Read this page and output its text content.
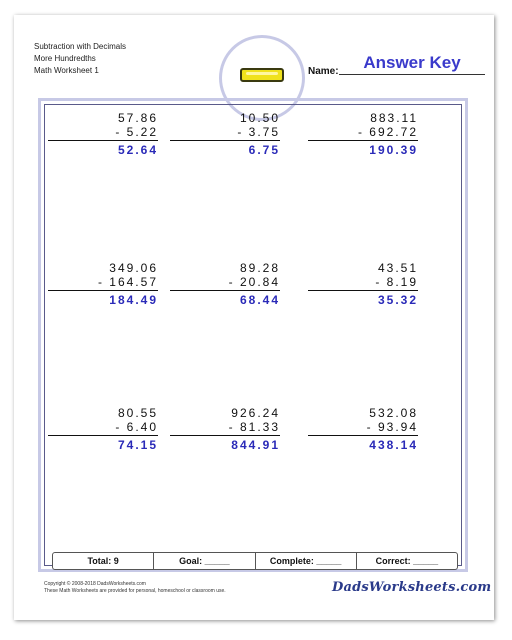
Subtraction with Decimals
More Hundredths
Math Worksheet 1	Answer Key
Name:
57.86
- 5.22
52.64
10.50
- 3.75
6.75
883.11
- 692.72
190.39
349.06
- 164.57
184.49
89.28
- 20.84
68.44
43.51
- 8.19
35.32
80.55
- 6.40
74.15
926.24
- 81.33
844.91
532.08
- 93.94
438.14
Total: 9	Goal: _____	Complete: _____	Correct: _____
Copyright © 2008-2018 DadsWorksheets.com
These Math Worksheets are provided for personal, homeschool or classroom use.	DadsWorksheets.com
